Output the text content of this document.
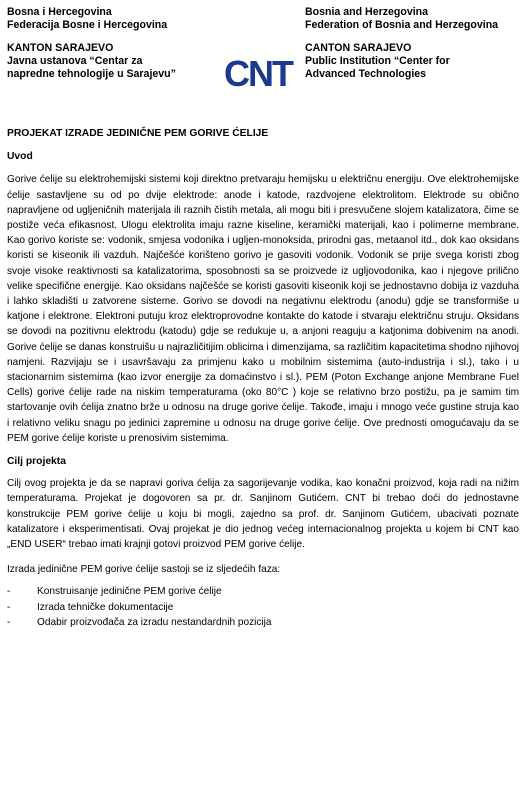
Bosna i Hercegovina
Federacija Bosne i Hercegovina
KANTON SARAJEVO
Javna ustanova “Centar za
napredne tehnologije u Sarajevu”	CNT
Bosnia and Herzegovina
Federation of Bosnia and Herzegovina
CANTON SARAJEVO
Public Institution “Center for
Advanced Technologies
PROJEKAT IZRADE JEDINIČNE PEM GORIVE ĆELIJE
Uvod

Gorive ćelije su elektrohemijski sistemi koji direktno pretvaraju hemijsku u električnu energiju. Ove elektrohemijske ćelije sastavljene su od po dvije elektrode: anode i katode, razdvojene elektrolitom. Elektrode su obično napravljene od ugljeničnih materijala ili raznih čistih metala, ali mogu biti i presvučene slojem katalizatora, čime se postiže veća efikasnost. Ulogu elektrolita imaju razne kiseline, keramički materijali, kao i polimerne membrane. Kao gorivo koriste se: vodonik, smjesa vodonika i ugljen-monoksida, prirodni gas, metaanol itd., dok kao oksidans koristi se kiseonik ili vazduh. Najčešće korišteno gorivo je gasoviti vodonik. Vodonik se prije svega koristi zbog svoje visoke reaktivnosti sa katalizatorima, sposobnosti sa se proizvede iz ugljovodonika, kao i njegove prilično velike specifične energije. Kao oksidans najčešće se koristi gasoviti kiseonik koji se jednostavno dobija iz vazduha i lahko skladišti u zatvorene sisteme. Gorivo se dovodi na negativnu elektrodu (anodu) gdje se transformiše u katjone i elektrone. Elektroni putuju kroz elektroprovodne kontakte do katode i stvaraju električnu struju. Oksidans se dovodi na pozitivnu elektrodu (katodu) gdje se redukuje u, a anjoni reaguju a katjonima dobivenim na anodi. Gorive ćelije se danas konstruišu u najrazličitijim oblicima i dimenzijama, sa različitim kapacitetima shodno njihovoj namjeni. Razvijaju se i usavršavaju za primjenu kako u mobilnim sistemima (auto-industrija i sl.), tako i u stacionarnim sistemima (kao izvor energije za domaćinstvo i sl.). PEM (Poton Exchange anjone Membrane Fuel Cells) gorive ćelije rade na niskim temperaturama (oko 80°C ) koje se relativno brzo postižu, pa je samim tim startovanje ovih ćelija znatno brže u odnosu na druge gorive ćelije. Takođe, imaju i mnogo veće gustine struja kao i relativno veliku snagu po jedinici zapremine u odnosu na druge gorive ćelije. Ove prednosti omogućavaju da se PEM gorive ćelije koriste u prenosivim sistemima.

Cilj projekta

Cilj ovog projekta je da se napravi goriva ćelija za sagorijevanje vodika, kao konačni proizvod, koja radi na nižim temperaturama. Projekat je dogovoren sa pr. dr. Sanjinom Gutićem. CNT bi trebao doći do jednostavne konstrukcije PEM gorive ćelije u koju bi mogli, zajedno sa prof. dr. Sanjinom Gutićem, ubacivati poznate katalizatore i eksperimentisati. Ovaj projekat je dio jednog većeg internacionalnog projekta u kojem bi CNT kao „END USER“ trebao imati krajnji gotovi proizvod PEM gorive ćelije.

Izrada jedinične PEM gorive ćelije sastoji se iz sljedećih faza:

-	Konstruisanje jedinične PEM gorive ćelije
-	Izrada tehničke dokumentacije
-	Odabir proizvođača za izradu nestandardnih pozicija
